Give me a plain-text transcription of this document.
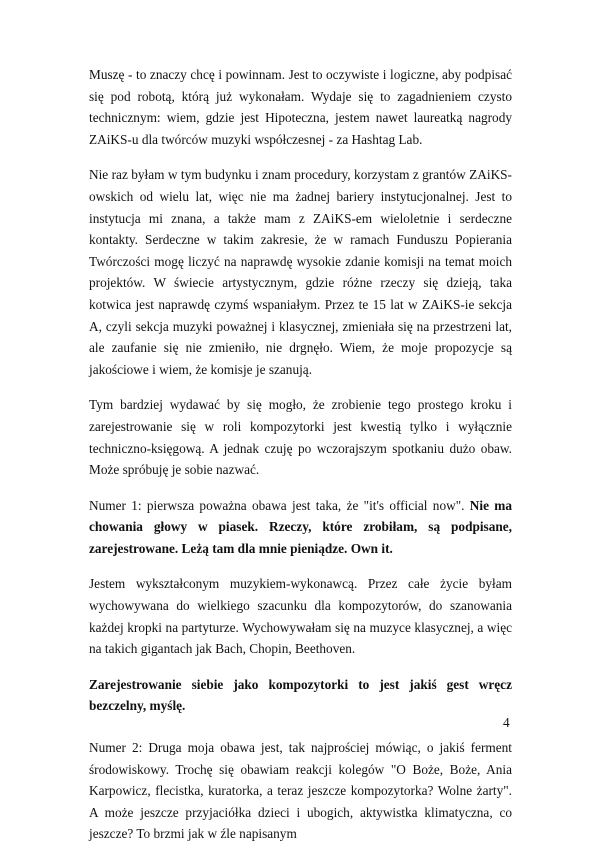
Muszę - to znaczy chcę i powinnam. Jest to oczywiste i logiczne, aby podpisać się pod robotą, którą już wykonałam. Wydaje się to zagadnieniem czysto technicznym: wiem, gdzie jest Hipoteczna, jestem nawet laureatką nagrody ZAiKS-u dla twórców muzyki współczesnej - za Hashtag Lab.

Nie raz byłam w tym budynku i znam procedury, korzystam z grantów ZAiKS-owskich od wielu lat, więc nie ma żadnej bariery instytucjonalnej. Jest to instytucja mi znana, a także mam z ZAiKS-em wieloletnie i serdeczne kontakty. Serdeczne w takim zakresie, że w ramach Funduszu Popierania Twórczości mogę liczyć na naprawdę wysokie zdanie komisji na temat moich projektów. W świecie artystycznym, gdzie różne rzeczy się dzieją, taka kotwica jest naprawdę czymś wspaniałym. Przez te 15 lat w ZAiKS-ie sekcja A, czyli sekcja muzyki poważnej i klasycznej, zmieniała się na przestrzeni lat, ale zaufanie się nie zmieniło, nie drgnęło. Wiem, że moje propozycje są jakościowe i wiem, że komisje je szanują.

Tym bardziej wydawać by się mogło, że zrobienie tego prostego kroku i zarejestrowanie się w roli kompozytorki jest kwestią tylko i wyłącznie techniczno-księgową. A jednak czuję po wczorajszym spotkaniu dużo obaw. Może spróbuję je sobie nazwać.

Numer 1: pierwsza poważna obawa jest taka, że "it's official now". Nie ma chowania głowy w piasek. Rzeczy, które zrobiłam, są podpisane, zarejestrowane. Leżą tam dla mnie pieniądze. Own it.

Jestem wykształconym muzykiem-wykonawcą. Przez całe życie byłam wychowywana do wielkiego szacunku dla kompozytorów, do szanowania każdej kropki na partyturze. Wychowywałam się na muzyce klasycznej, a więc na takich gigantach jak Bach, Chopin, Beethoven.

Zarejestrowanie siebie jako kompozytorki to jest jakiś gest wręcz bezczelny, myślę.

Numer 2: Druga moja obawa jest, tak najprościej mówiąc, o jakiś ferment środowiskowy. Trochę się obawiam reakcji kolegów "O Boże, Boże, Ania Karpowicz, flecistka, kuratorka, a teraz jeszcze kompozytorka? Wolne żarty". A może jeszcze przyjaciółka dzieci i ubogich, aktywistka klimatyczna, co jeszcze? To brzmi jak w źle napisanym

4
